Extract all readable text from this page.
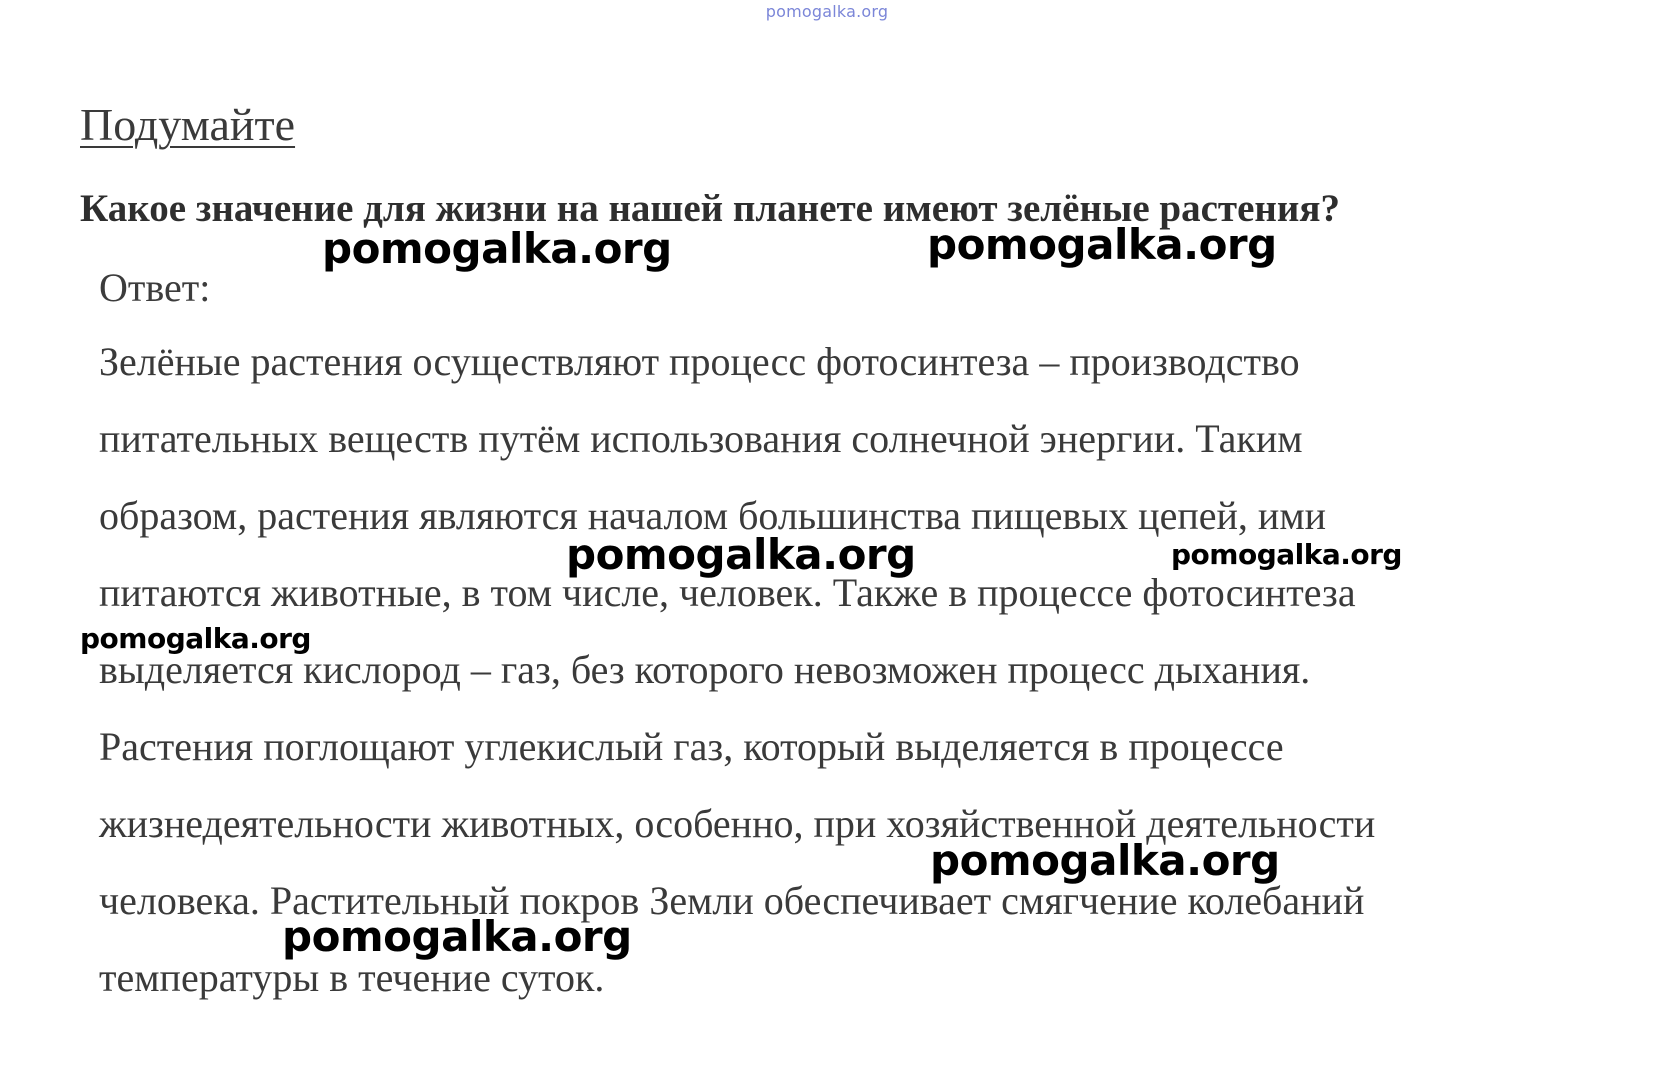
pomogalka.org
Подумайте

Какое значение для жизни на нашей планете имеют зелёные растения?

Ответ:
Зелёные растения осуществляют процесс фотосинтеза – производство
питательных веществ путём использования солнечной энергии. Таким
образом, растения являются началом большинства пищевых цепей, ими
питаются животные, в том числе, человек. Также в процессе фотосинтеза
выделяется кислород – газ, без которого невозможен процесс дыхания.
Растения поглощают углекислый газ, который выделяется в процессе
жизнедеятельности животных, особенно, при хозяйственной деятельности
человека. Растительный покров Земли обеспечивает смягчение колебаний
температуры в течение суток.
pomogalka.org	pomogalka.org
pomogalka.org	pomogalka.org
pomogalka.org
pomogalka.org
pomogalka.org
